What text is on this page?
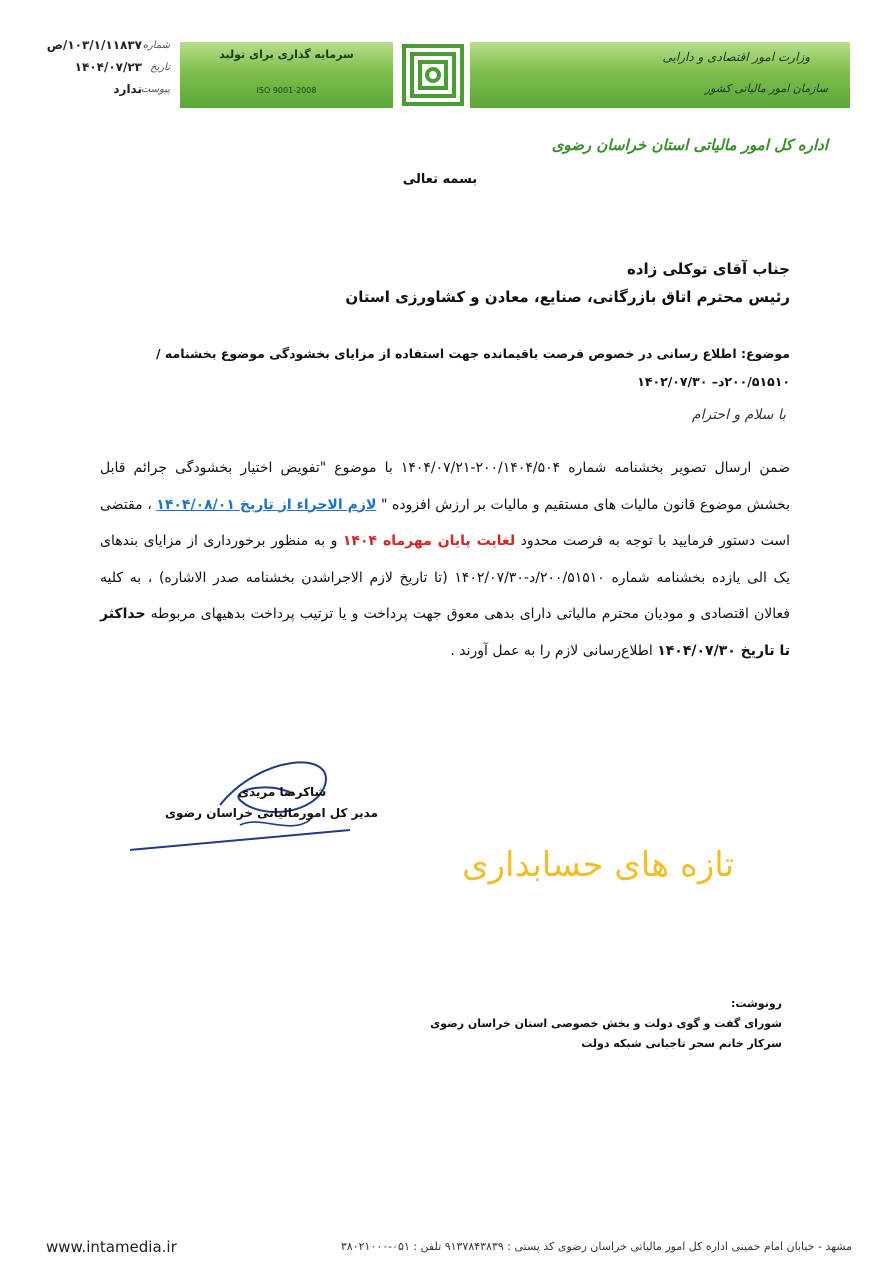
سرمایه گذاری برای تولید
ISO 9001-2008
وزارت امور اقتصادی و دارایی
سازمان امور مالیاتی کشور
شماره
۱۰۳/۱/۱۱۸۳۷/ص
تاریخ
۱۴۰۴/۰۷/۲۳
پیوست
ندارد
اداره کل امور مالیاتی استان خراسان رضوی
بسمه تعالی
جناب آقای توکلی زاده
رئیس محترم اتاق بازرگانی، صنایع، معادن و کشاورزی استان
موضوع: اطلاع رسانی در خصوص فرصت باقیمانده جهت استفاده از مزایای بخشودگی موضوع بخشنامه /۲۰۰/۵۱۵۱۰د– ۱۴۰۲/۰۷/۳۰
با سلام و احترام
ضمن ارسال تصویر بخشنامه شماره ۲۰۰/۱۴۰۴/۵۰۴-۱۴۰۴/۰۷/۲۱ با موضوع "تفویض اختیار بخشودگی جرائم قابل بخشش موضوع قانون مالیات های مستقیم و مالیات بر ارزش افزوده " لازم الاجراء از تاریخ ۱۴۰۴/۰۸/۰۱ ، مقتضی است دستور فرمایید با توجه به فرصت محدود لغایت پایان مهرماه ۱۴۰۴ و به منظور برخورداری از مزایای بندهای یک الی یازده بخشنامه شماره ۲۰۰/۵۱۵۱۰/د-۱۴۰۲/۰۷/۳۰ (تا تاریخ لازم الاجراشدن بخشنامه صدر الاشاره) ، به کلیه فعالان اقتصادی و مودیان محترم مالیاتی دارای بدهی معوق جهت پرداخت و یا ترتیب پرداخت بدهیهای مربوطه حداکثر تا تاریخ ۱۴۰۴/۰۷/۳۰ اطلاع‌رسانی لازم را به عمل آورند .
شاکرضا مریدی
مدیر کل امورمالیاتی خراسان رضوی
تازه های حسابداری
رونوشت:
شورای گفت و گوی دولت و بخش خصوصی استان خراسان رضوی
سرکار خانم سحر تاجبانی شبکه دولت
www.intamedia.ir	مشهد - خیابان امام خمینی اداره کل امور مالیاتی خراسان رضوی کد پستی : ۹۱۳۷۸۴۳۸۳۹ تلفن : ۰۵۱-۳۸۰۲۱۰۰۰
